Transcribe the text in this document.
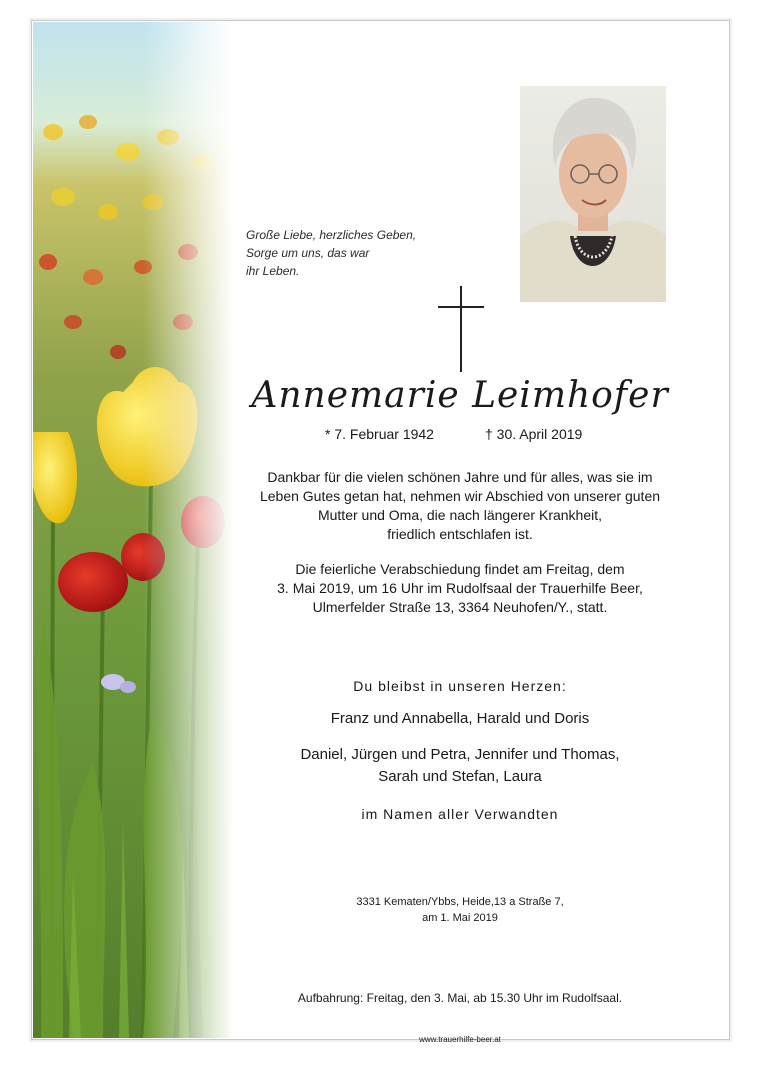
Große Liebe, herzliches Geben,
Sorge um uns, das war
ihr Leben.
Annemarie Leimhofer
* 7. Februar 1942	† 30. April 2019
Dankbar für die vielen schönen Jahre und für alles, was sie im
Leben Gutes getan hat, nehmen wir Abschied von unserer guten
Mutter und Oma, die nach längerer Krankheit,
friedlich entschlafen ist.
Die feierliche Verabschiedung findet am Freitag, dem
3. Mai 2019, um 16 Uhr im Rudolfsaal der Trauerhilfe Beer,
Ulmerfelder Straße 13, 3364 Neuhofen/Y., statt.
Du bleibst in unseren Herzen:
Franz und Annabella, Harald und Doris
Daniel, Jürgen und Petra, Jennifer und Thomas,
Sarah und Stefan, Laura
im Namen aller Verwandten
3331 Kematen/Ybbs, Heide,13 a Straße 7,
am 1. Mai 2019
Aufbahrung: Freitag, den 3. Mai, ab 15.30 Uhr im Rudolfsaal.
www.trauerhilfe-beer.at
